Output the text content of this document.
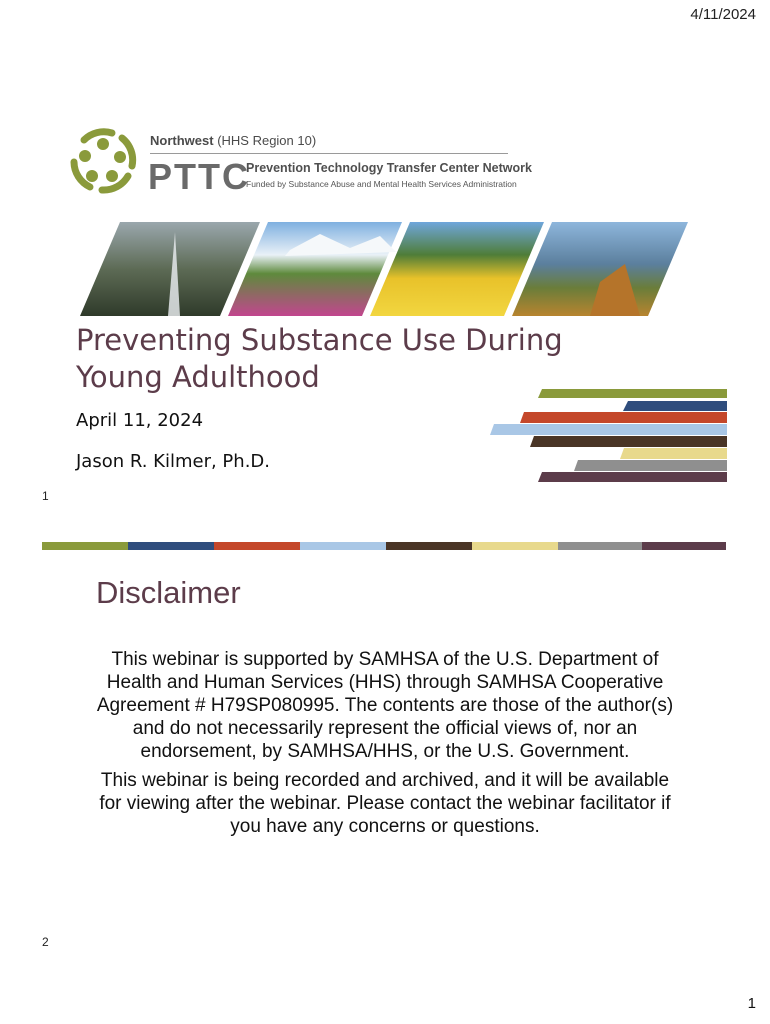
4/11/2024
Northwest (HHS Region 10)
PTTC
Prevention Technology Transfer Center Network
Funded by Substance Abuse and Mental Health Services Administration
Preventing Substance Use During
Young Adulthood
April 11, 2024
Jason R. Kilmer, Ph.D.
1
Disclaimer

This webinar is supported by SAMHSA of the U.S. Department of Health and Human Services (HHS) through SAMHSA Cooperative Agreement # H79SP080995. The contents are those of the author(s) and do not necessarily represent the official views of, nor an endorsement, by SAMHSA/HHS, or the U.S. Government.

This webinar is being recorded and archived, and it will be available for viewing after the webinar. Please contact the webinar facilitator if you have any concerns or questions.

2
1
